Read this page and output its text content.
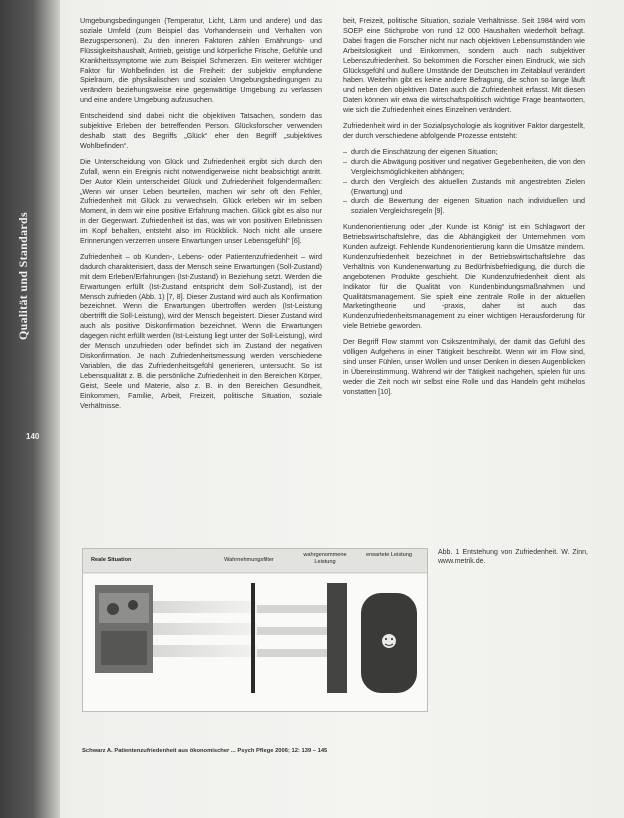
Qualität und Standards
140

Umgebungsbedingungen (Temperatur, Licht, Lärm und andere) und das soziale Umfeld (zum Beispiel das Vorhandensein und Verhalten von Bezugspersonen). Zu den inneren Faktoren zählen Ernährungs- und Flüssigkeitshaushalt, Antrieb, geistige und körperliche Frische, Gefühle und Krankheitssymptome wie zum Beispiel Schmerzen. Ein weiterer wichtiger Faktor für Wohlbefinden ist die Freiheit: der subjektiv empfundene Spielraum, die physikalischen und sozialen Umgebungsbedingungen zu verändern beziehungsweise eine gegenwärtige Umgebung zu verlassen und eine andere Umgebung aufzusuchen.

Entscheidend sind dabei nicht die objektiven Tatsachen, sondern das subjektive Erleben der betreffenden Person. Glücksforscher verwenden deshalb statt des Begriffs „Glück“ eher den Begriff „subjektives Wohlbefinden“.

Die Unterscheidung von Glück und Zufriedenheit ergibt sich durch den Zufall, wenn ein Ereignis nicht notwendigerweise nicht beabsichtigt antritt. Der Autor Klein unterscheidet Glück und Zufriedenheit folgendermaßen: „Wenn wir unser Leben beurteilen, machen wir sehr oft den Fehler, Zufriedenheit mit Glück zu verwechseln. Glück erleben wir im selben Moment, in dem wir eine positive Erfahrung machen. Glück gibt es also nur in der Gegenwart. Zufriedenheit ist das, was wir von positiven Erlebnissen im Kopf behalten, entsteht also im Rückblick. Noch nicht alle unsere Erinnerungen verzerren unsere Erwartungen unser Lebensgefühl“ [6].

Zufriedenheit – ob Kunden-, Lebens- oder Patientenzufriedenheit – wird dadurch charakterisiert, dass der Mensch seine Erwartungen (Soll-Zustand) mit dem Erleben/Erfahrungen (Ist-Zustand) in Beziehung setzt. Werden die Erwartungen erfüllt (Ist-Zustand entspricht dem Soll-Zustand), ist der Mensch zufrieden (Abb. 1) [7, 8]. Dieser Zustand wird auch als Konfirmation bezeichnet. Wenn die Erwartungen übertroffen werden (Ist-Leistung übertrifft die Soll-Leistung), wird der Mensch begeistert. Dieser Zustand wird auch als positive Diskonfirmation bezeichnet. Wenn die Erwartungen dagegen nicht erfüllt werden (Ist-Leistung liegt unter der Soll-Leistung), wird der Mensch unzufrieden oder befindet sich im Zustand der negativen Diskonfirmation. Je nach Zufriedenheitsmessung werden verschiedene Variablen, die das Zufriedenheitsgefühl generieren, untersucht. So ist Lebensqualität z. B. die persönliche Zufriedenheit in den Bereichen Körper, Geist, Seele und Materie, also z. B. in den Bereichen Gesundheit, Einkommen, Familie, Arbeit, Freizeit, politische Situation, soziale Verhältnisse.

beit, Freizeit, politische Situation, soziale Verhältnisse. Seit 1984 wird vom SOEP eine Stichprobe von rund 12 000 Haushalten wiederholt befragt. Dabei fragen die Forscher nicht nur nach objektiven Lebensumständen wie Arbeitslosigkeit und Einkommen, sondern auch nach subjektiver Lebenszufriedenheit. So bekommen die Forscher einen Eindruck, wie sich Glücksgefühl und äußere Umstände der Deutschen im Zeitablauf verändert haben. Weiterhin gibt es keine andere Befragung, die schon so lange läuft und neben den objektiven Daten auch die Zufriedenheit erfasst. Mit diesen Daten können wir etwa die wirtschaftspolitisch wichtige Frage beantworten, wie sich die Zufriedenheit eines Einzelnen verändert.

Zufriedenheit wird in der Sozialpsychologie als kognitiver Faktor dargestellt, der durch verschiedene abfolgende Prozesse entsteht:

– durch die Einschätzung der eigenen Situation;
– durch die Abwägung positiver und negativer Gegebenheiten, die von den Vergleichsmöglichkeiten abhängen;
– durch den Vergleich des aktuellen Zustands mit angestrebten Zielen (Erwartung) und
– durch die Bewertung der eigenen Situation nach individuellen und sozialen Vergleichsregeln [9].

Kundenorientierung oder „der Kunde ist König“ ist ein Schlagwort der Betriebswirtschaftslehre, das die Abhängigkeit der Unternehmen vom Kunden aufzeigt. Fehlende Kundenorientierung kann die Umsätze mindern. Kundenzufriedenheit bezeichnet in der Betriebswirtschaftslehre das Verhältnis von Kundenerwartung zu Bedürfnisbefriedigung, die durch die angebotenen Produkte geschieht. Die Kundenzufriedenheit dient als Indikator für die Qualität von Kundenbindungsmaßnahmen und Qualitätsmanagement. Sie spielt eine zentrale Rolle in der aktuellen Marketingtheorie und -praxis, daher ist auch das Kundenzufriedenheitsmanagement zu einer wichtigen Herausforderung für viele Betriebe geworden.

Der Begriff Flow stammt von Csikszentmihalyi, der damit das Gefühl des völligen Aufgehens in einer Tätigkeit beschreibt. Wenn wir im Flow sind, sind unser Fühlen, unser Wollen und unser Denken in diesen Augenblicken in Übereinstimmung. Während wir der Tätigkeit nachgehen, spielen für uns weder die Zeit noch wir selbst eine Rolle und das Handeln geht mühelos vonstatten [10].

Reale Situation	Wahrnehmungsfilter
wahrgenommene Leistung
erwartete Leistung	Abb. 1 Entstehung von Zufriedenheit. W. Zinn, www.metrik.de.
Schwarz A. Patientenzufriedenheit aus ökonomischer ... Psych Pflege 2006; 12: 139 – 145
